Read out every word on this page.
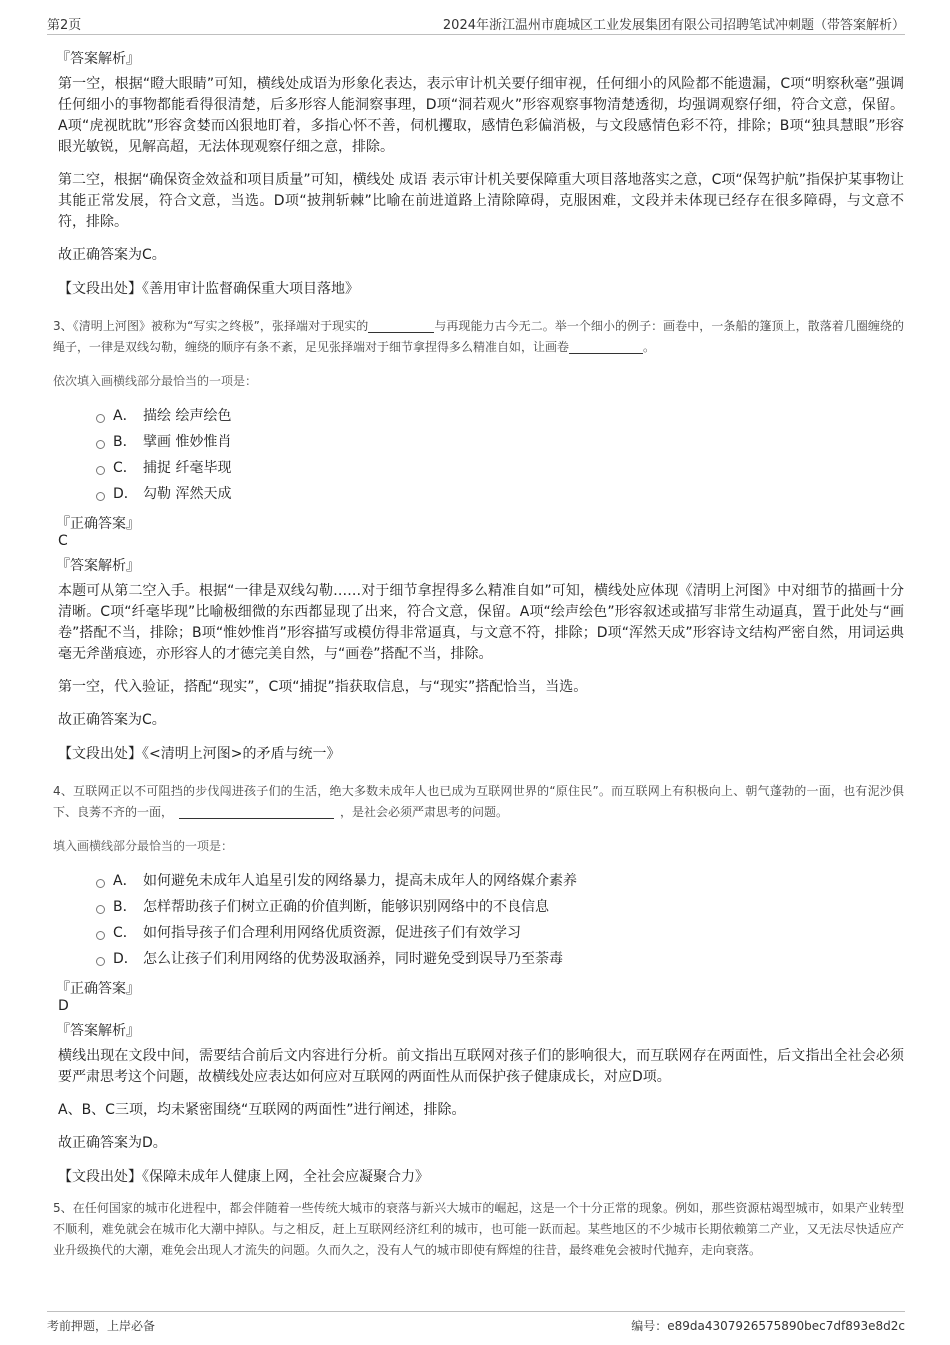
第2页	2024年浙江温州市鹿城区工业发展集团有限公司招聘笔试冲刺题（带答案解析）
『答案解析』

第一空，根据“瞪大眼睛”可知，横线处成语为形象化表达，表示审计机关要仔细审视，任何细小的风险都不能遗漏，C项“明察秋毫”强调任何细小的事物都能看得很清楚，后多形容人能洞察事理，D项“洞若观火”形容观察事物清楚透彻，均强调观察仔细，符合文意，保留。A项“虎视眈眈”形容贪婪而凶狠地盯着，多指心怀不善，伺机攫取，感情色彩偏消极，与文段感情色彩不符，排除；B项“独具慧眼”形容眼光敏锐，见解高超，无法体现观察仔细之意，排除。

第二空，根据“确保资金效益和项目质量”可知，横线处 成语 表示审计机关要保障重大项目落地落实之意，C项“保驾护航”指保护某事物让其能正常发展，符合文意，当选。D项“披荆斩棘”比喻在前进道路上清除障碍，克服困难，文段并未体现已经存在很多障碍，与文意不符，排除。

故正确答案为C。

【文段出处】《善用审计监督确保重大项目落地》

3、《清明上河图》被称为“写实之终极”，张择端对于现实的	与再现能力古今无二。举一个细小的例子：画卷中，一条船的篷顶上，散落着几圈缠绕的绳子，一律是双线勾勒，缠绕的顺序有条不紊，足见张择端对于细节拿捏得多么精准自如，让画卷	。

依次填入画横线部分最恰当的一项是：
A． 描绘 绘声绘色
B． 擘画 惟妙惟肖
C． 捕捉 纤毫毕现
D． 勾勒 浑然天成
『正确答案』
C
『答案解析』

本题可从第二空入手。根据“一律是双线勾勒……对于细节拿捏得多么精准自如”可知，横线处应体现《清明上河图》中对细节的描画十分清晰。C项“纤毫毕现”比喻极细微的东西都显现了出来，符合文意，保留。A项“绘声绘色”形容叙述或描写非常生动逼真，置于此处与“画卷”搭配不当，排除；B项“惟妙惟肖”形容描写或模仿得非常逼真，与文意不符，排除；D项“浑然天成”形容诗文结构严密自然，用词运典毫无斧凿痕迹，亦形容人的才德完美自然，与“画卷”搭配不当，排除。

第一空，代入验证，搭配“现实”，C项“捕捉”指获取信息，与“现实”搭配恰当，当选。

故正确答案为C。

【文段出处】《<清明上河图>的矛盾与统一》

4、互联网正以不可阻挡的步伐闯进孩子们的生活，绝大多数未成年人也已成为互联网世界的“原住民”。而互联网上有积极向上、朝气蓬勃的一面，也有泥沙俱下、良莠不齐的一面，	，是社会必须严肃思考的问题。

填入画横线部分最恰当的一项是：
A． 如何避免未成年人追星引发的网络暴力，提高未成年人的网络媒介素养
B． 怎样帮助孩子们树立正确的价值判断，能够识别网络中的不良信息
C． 如何指导孩子们合理利用网络优质资源，促进孩子们有效学习
D． 怎么让孩子们利用网络的优势汲取涵养，同时避免受到误导乃至荼毒
『正确答案』
D
『答案解析』

横线出现在文段中间，需要结合前后文内容进行分析。前文指出互联网对孩子们的影响很大，而互联网存在两面性，后文指出全社会必须要严肃思考这个问题，故横线处应表达如何应对互联网的两面性从而保护孩子健康成长，对应D项。

A、B、C三项，均未紧密围绕“互联网的两面性”进行阐述，排除。

故正确答案为D。

【文段出处】《保障未成年人健康上网，全社会应凝聚合力》

5、在任何国家的城市化进程中，都会伴随着一些传统大城市的衰落与新兴大城市的崛起，这是一个十分正常的现象。例如，那些资源枯竭型城市，如果产业转型不顺利，难免就会在城市化大潮中掉队。与之相反，赶上互联网经济红利的城市，也可能一跃而起。某些地区的不少城市长期依赖第二产业，又无法尽快适应产业升级换代的大潮，难免会出现人才流失的问题。久而久之，没有人气的城市即使有辉煌的往昔，最终难免会被时代抛弃，走向衰落。

考前押题，上岸必备	编号：e89da4307926575890bec7df893e8d2c
